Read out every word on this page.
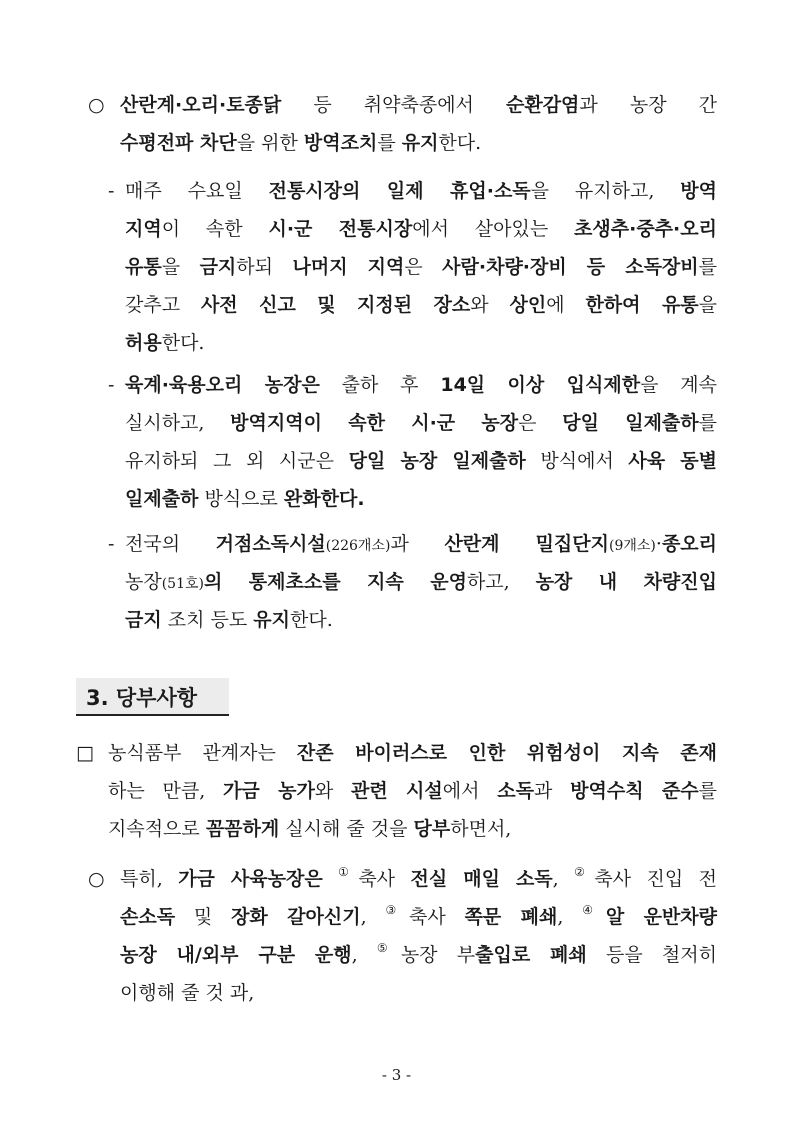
○ 산란계·오리·토종닭 등 취약축종에서 순환감염과 농장 간
수평전파 차단을 위한 방역조치를 유지한다.
- 매주 수요일 전통시장의 일제 휴업·소독을 유지하고, 방역
지역이 속한 시·군 전통시장에서 살아있는 초생추·중추·오리
유통을 금지하되 나머지 지역은 사람·차량·장비 등 소독장비를
갖추고 사전 신고 및 지정된 장소와 상인에 한하여 유통을
허용한다.
- 육계·육용오리 농장은 출하 후 14일 이상 입식제한을 계속
실시하고, 방역지역이 속한 시·군 농장은 당일 일제출하를
유지하되 그 외 시군은 당일 농장 일제출하 방식에서 사육 동별
일제출하 방식으로 완화한다.
- 전국의 거점소독시설(226개소)과 산란계 밀집단지(9개소)·종오리
농장(51호)의 통제초소를 지속 운영하고, 농장 내 차량진입
금지 조치 등도 유지한다.
3. 당부사항
□ 농식품부 관계자는 잔존 바이러스로 인한 위험성이 지속 존재
하는 만큼, 가금 농가와 관련 시설에서 소독과 방역수칙 준수를
지속적으로 꼼꼼하게 실시해 줄 것을 당부하면서,
○ 특히, 가금 사육농장은 ①축사 전실 매일 소독, ②축사 진입 전
손소독 및 장화 갈아신기, ③축사 쪽문 폐쇄, ④알 운반차량
농장 내/외부 구분 운행, ⑤농장 부출입로 폐쇄 등을 철저히
이행해 줄 것 과,
- 3 -
